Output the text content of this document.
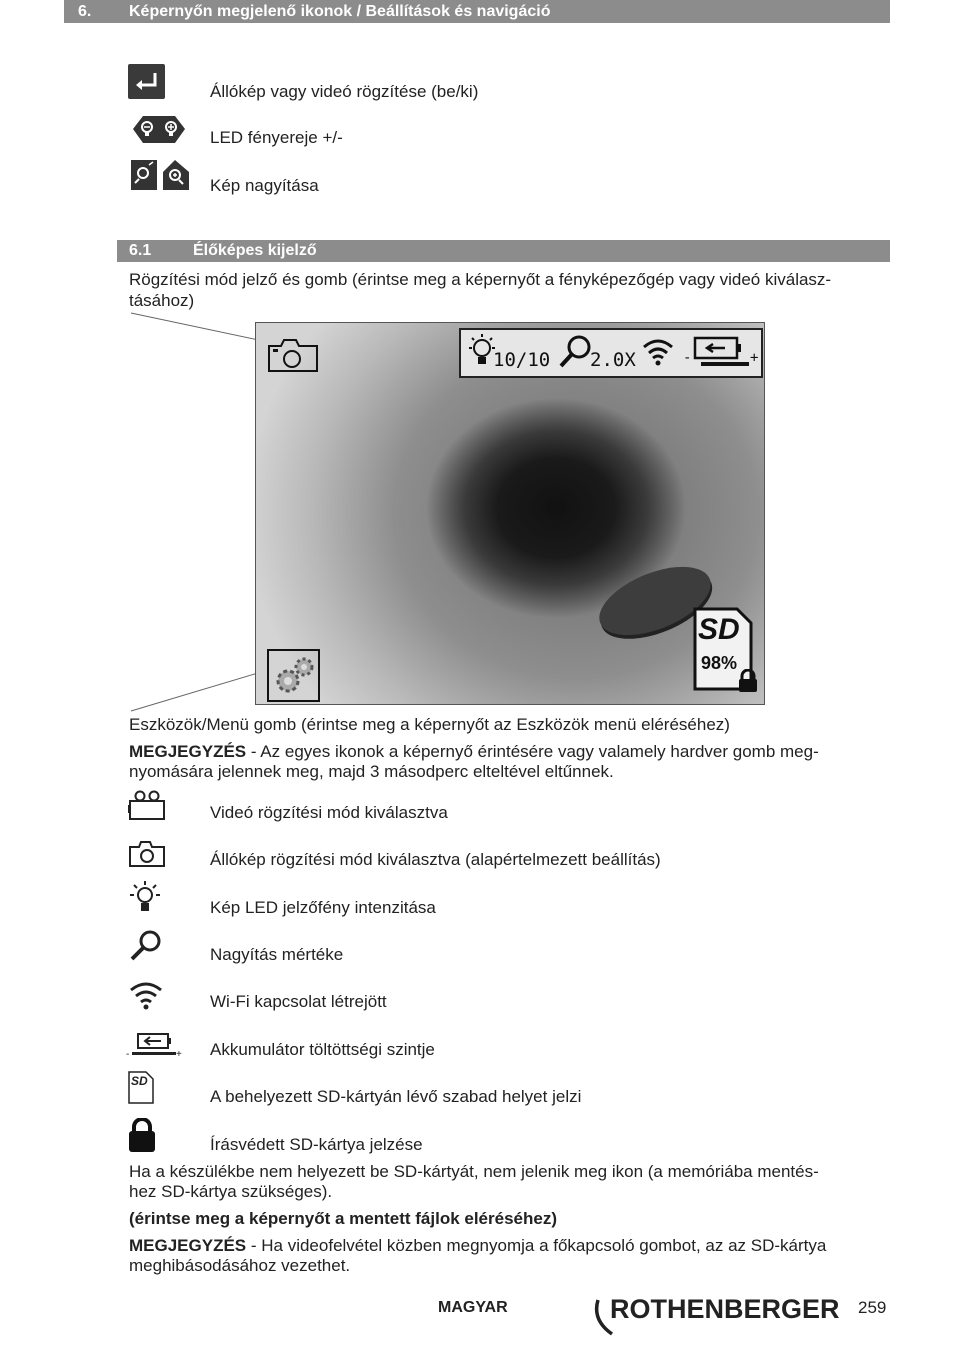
Állókép vagy videó rögzítése (be/ki)
LED fényereje +/-
Kép nagyítása
6. Képernyőn megjelenő ikonok / Beállítások és navigáció
6.1	Élőképes kijelző
Rögzítési mód jelző és gomb (érintse meg a képernyőt a fényképezőgép vagy videó kiválasz-
tásához)
10/10 2.0X	-	+
SD
98%
Eszközök/Menü gomb (érintse meg a képernyőt az Eszközök menü eléréséhez)
MEGJEGYZÉS - Az egyes ikonok a képernyő érintésére vagy valamely hardver gomb meg-
nyomására jelennek meg, majd 3 másodperc elteltével eltűnnek.
Videó rögzítési mód kiválasztva
Állókép rögzítési mód kiválasztva (alapértelmezett beállítás)
Kép LED jelzőfény intenzitása
Nagyítás mértéke
Wi-Fi kapcsolat létrejött
-	+ Akkumulátor töltöttségi szintje
SD
A behelyezett SD-kártyán lévő szabad helyet jelzi
Írásvédett SD-kártya jelzése
Ha a készülékbe nem helyezett be SD-kártyát, nem jelenik meg ikon (a memóriába mentés-
hez SD-kártya szükséges).
(érintse meg a képernyőt a mentett fájlok eléréséhez)
MEGJEGYZÉS - Ha videofelvétel közben megnyomja a főkapcsoló gombot, az az SD-kártya
meghibásodásához vezethet.
MAGYAR	ROTHENBERGER 259
